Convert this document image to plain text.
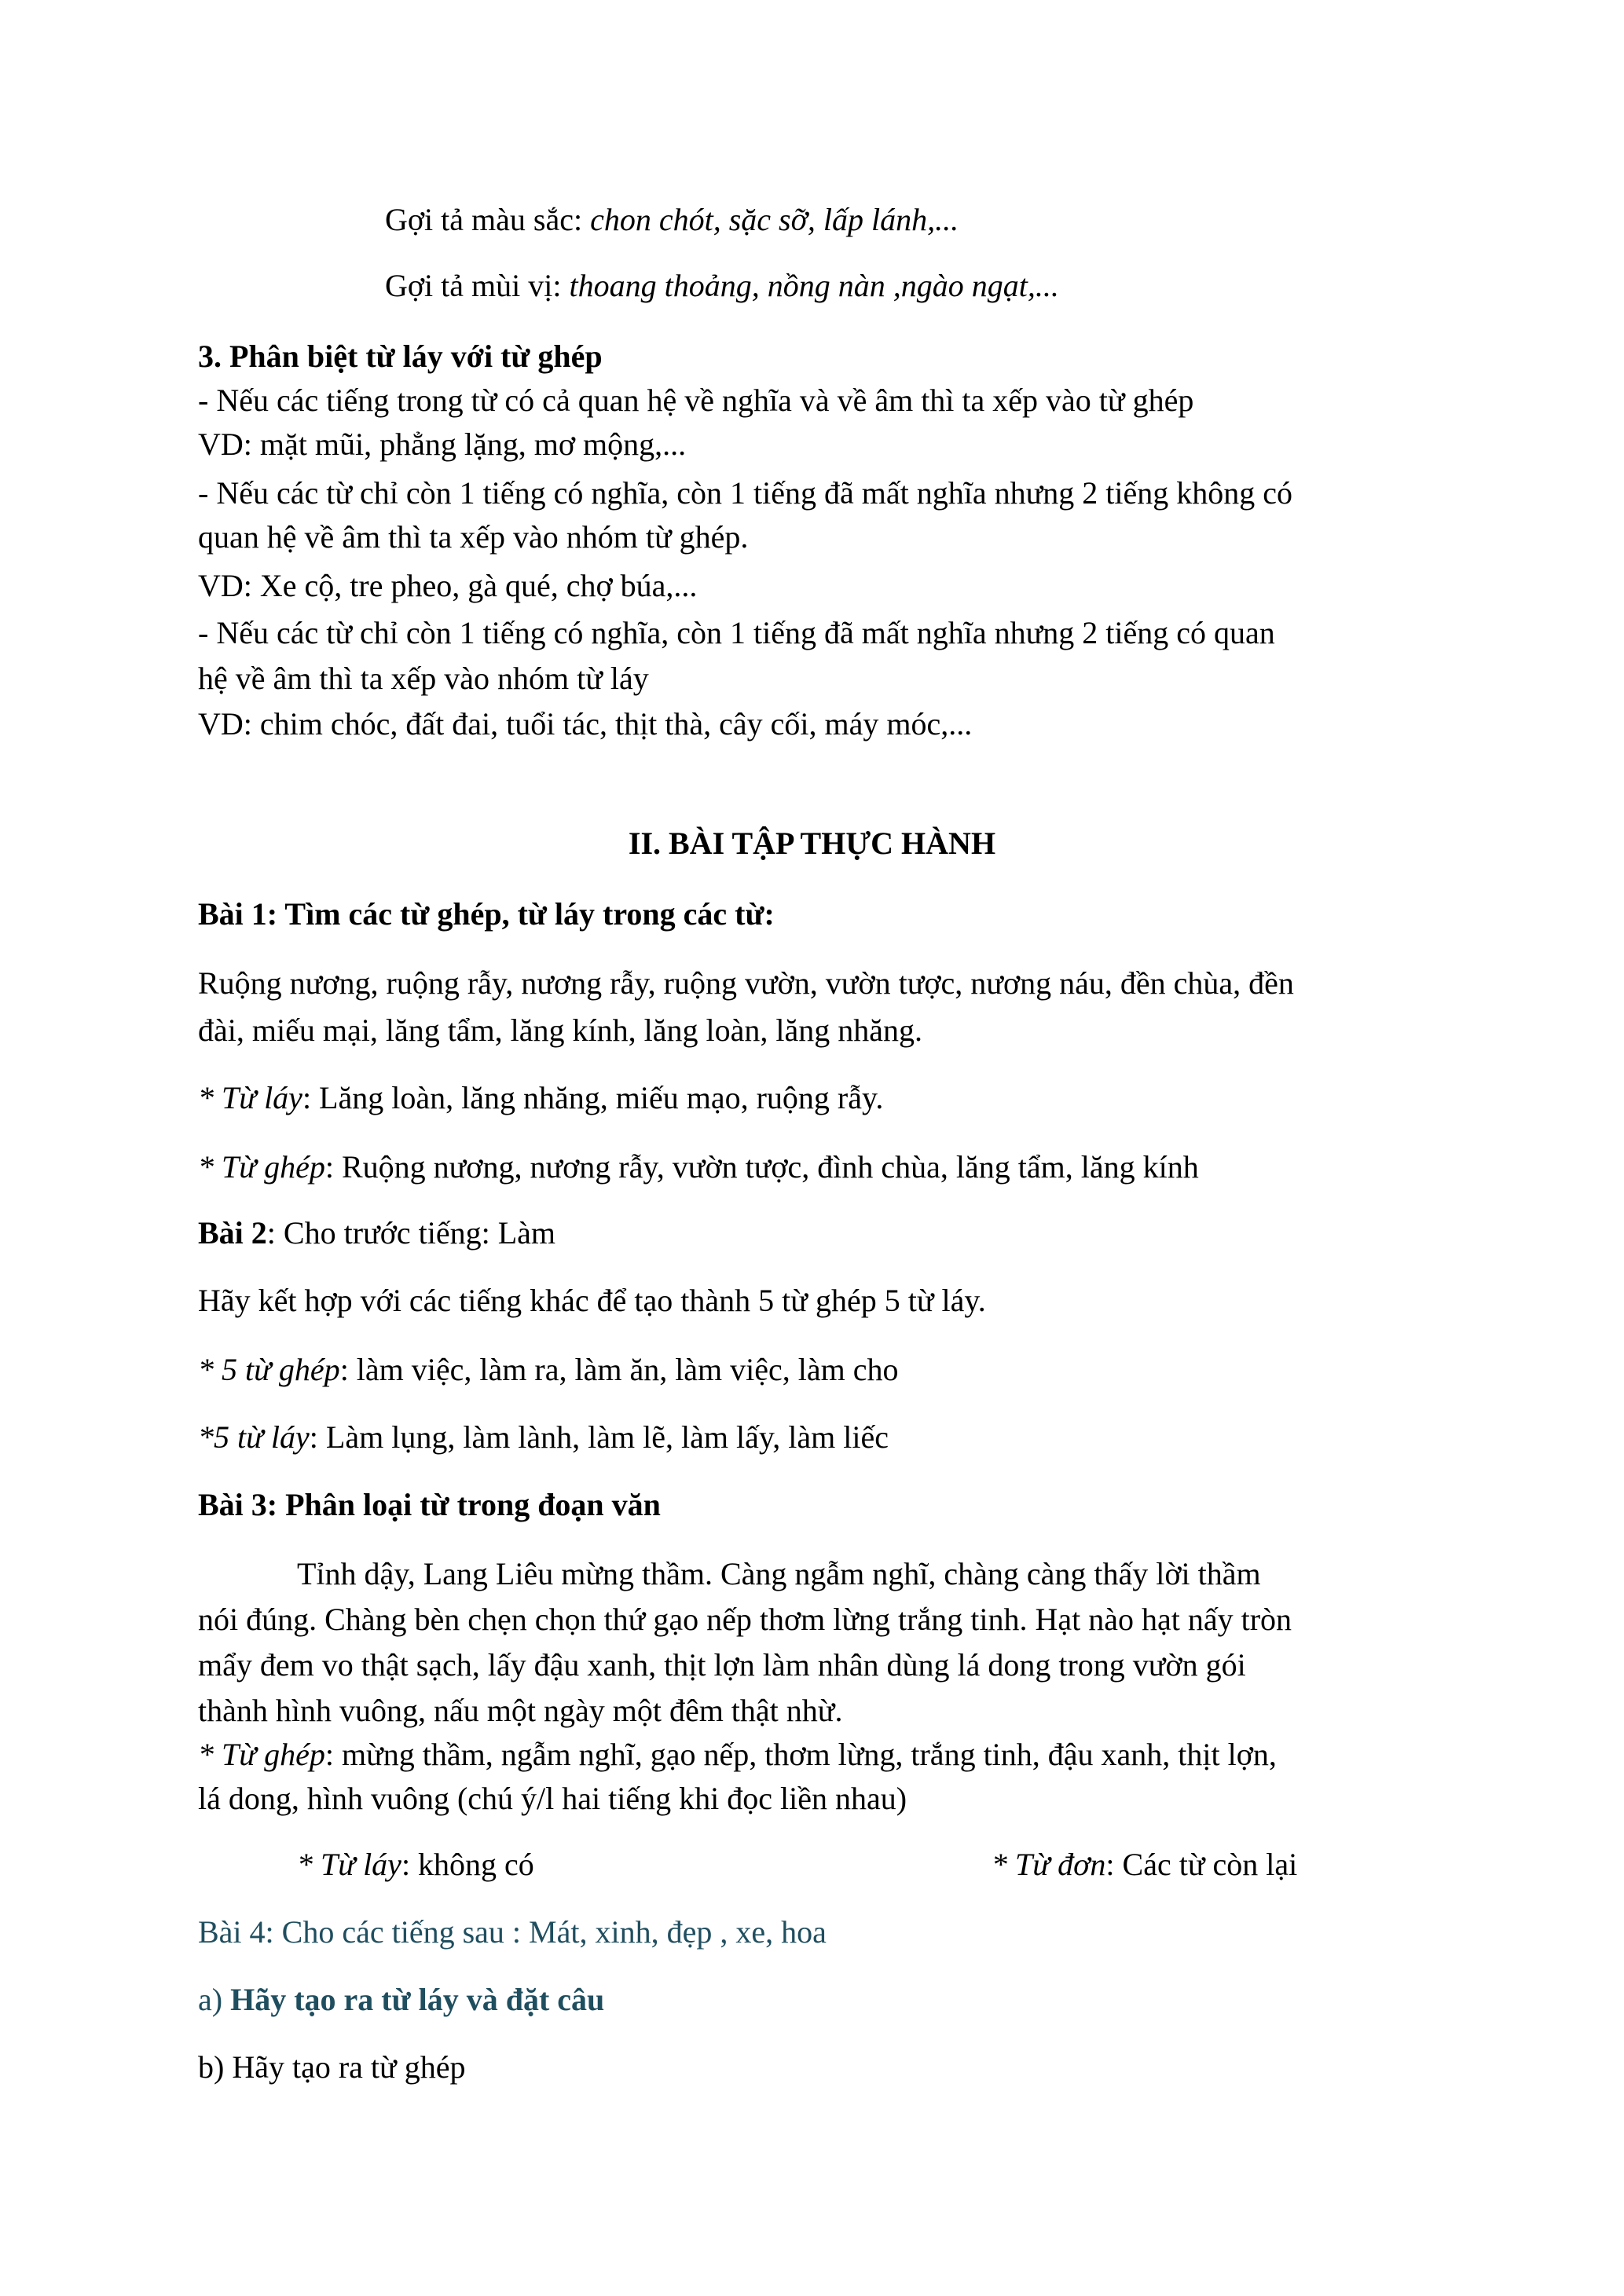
Gợi tả màu sắc: chon chót, sặc sỡ, lấp lánh,...
Gợi tả mùi vị: thoang thoảng, nồng nàn ,ngào ngạt,...
3. Phân biệt từ láy với từ ghép
- Nếu các tiếng trong từ có cả quan hệ về nghĩa và về âm thì ta xếp vào từ ghép
VD: mặt mũi, phẳng lặng, mơ mộng,...
- Nếu các từ chỉ còn 1 tiếng có nghĩa, còn 1 tiếng đã mất nghĩa nhưng 2 tiếng không có
quan hệ về âm thì ta xếp vào nhóm từ ghép.
VD: Xe cộ, tre pheo, gà qué, chợ búa,...
- Nếu các từ chỉ còn 1 tiếng có nghĩa, còn 1 tiếng đã mất nghĩa nhưng 2 tiếng có quan
hệ về âm thì ta xếp vào nhóm từ láy
VD: chim chóc, đất đai, tuổi tác, thịt thà, cây cối, máy móc,...
II. BÀI TẬP THỰC HÀNH
Bài 1: Tìm các từ ghép, từ láy trong các từ:
Ruộng nương, ruộng rẫy, nương rẫy, ruộng vườn, vườn tược, nương náu, đền chùa, đền
đài, miếu mại, lăng tẩm, lăng kính, lăng loàn, lăng nhăng.
* Từ láy: Lăng loàn, lăng nhăng, miếu mạo, ruộng rẫy.
* Từ ghép: Ruộng nương, nương rẫy, vườn tược, đình chùa, lăng tẩm, lăng kính
Bài 2: Cho trước tiếng: Làm
Hãy kết hợp với các tiếng khác để tạo thành 5 từ ghép 5 từ láy.
* 5 từ ghép: làm việc, làm ra, làm ăn, làm việc, làm cho
*5 từ láy: Làm lụng, làm lành, làm lẽ, làm lấy, làm liếc
Bài 3: Phân loại từ trong đoạn văn
Tỉnh dậy, Lang Liêu mừng thầm. Càng ngẫm nghĩ, chàng càng thấy lời thầm
nói đúng. Chàng bèn chẹn chọn thứ gạo nếp thơm lừng trắng tinh. Hạt nào hạt nấy tròn
mẩy đem vo thật sạch, lấy đậu xanh, thịt lợn làm nhân dùng lá dong trong vườn gói
thành hình vuông, nấu một ngày một đêm thật nhừ.
* Từ ghép: mừng thầm, ngẫm nghĩ, gạo nếp, thơm lừng, trắng tinh, đậu xanh, thịt lợn,
lá dong, hình vuông (chú ý/l hai tiếng khi đọc liền nhau)
* Từ láy: không có	* Từ đơn: Các từ còn lại
Bài 4: Cho các tiếng sau : Mát, xinh, đẹp , xe, hoa
a) Hãy tạo ra từ láy và đặt câu
b) Hãy tạo ra từ ghép
